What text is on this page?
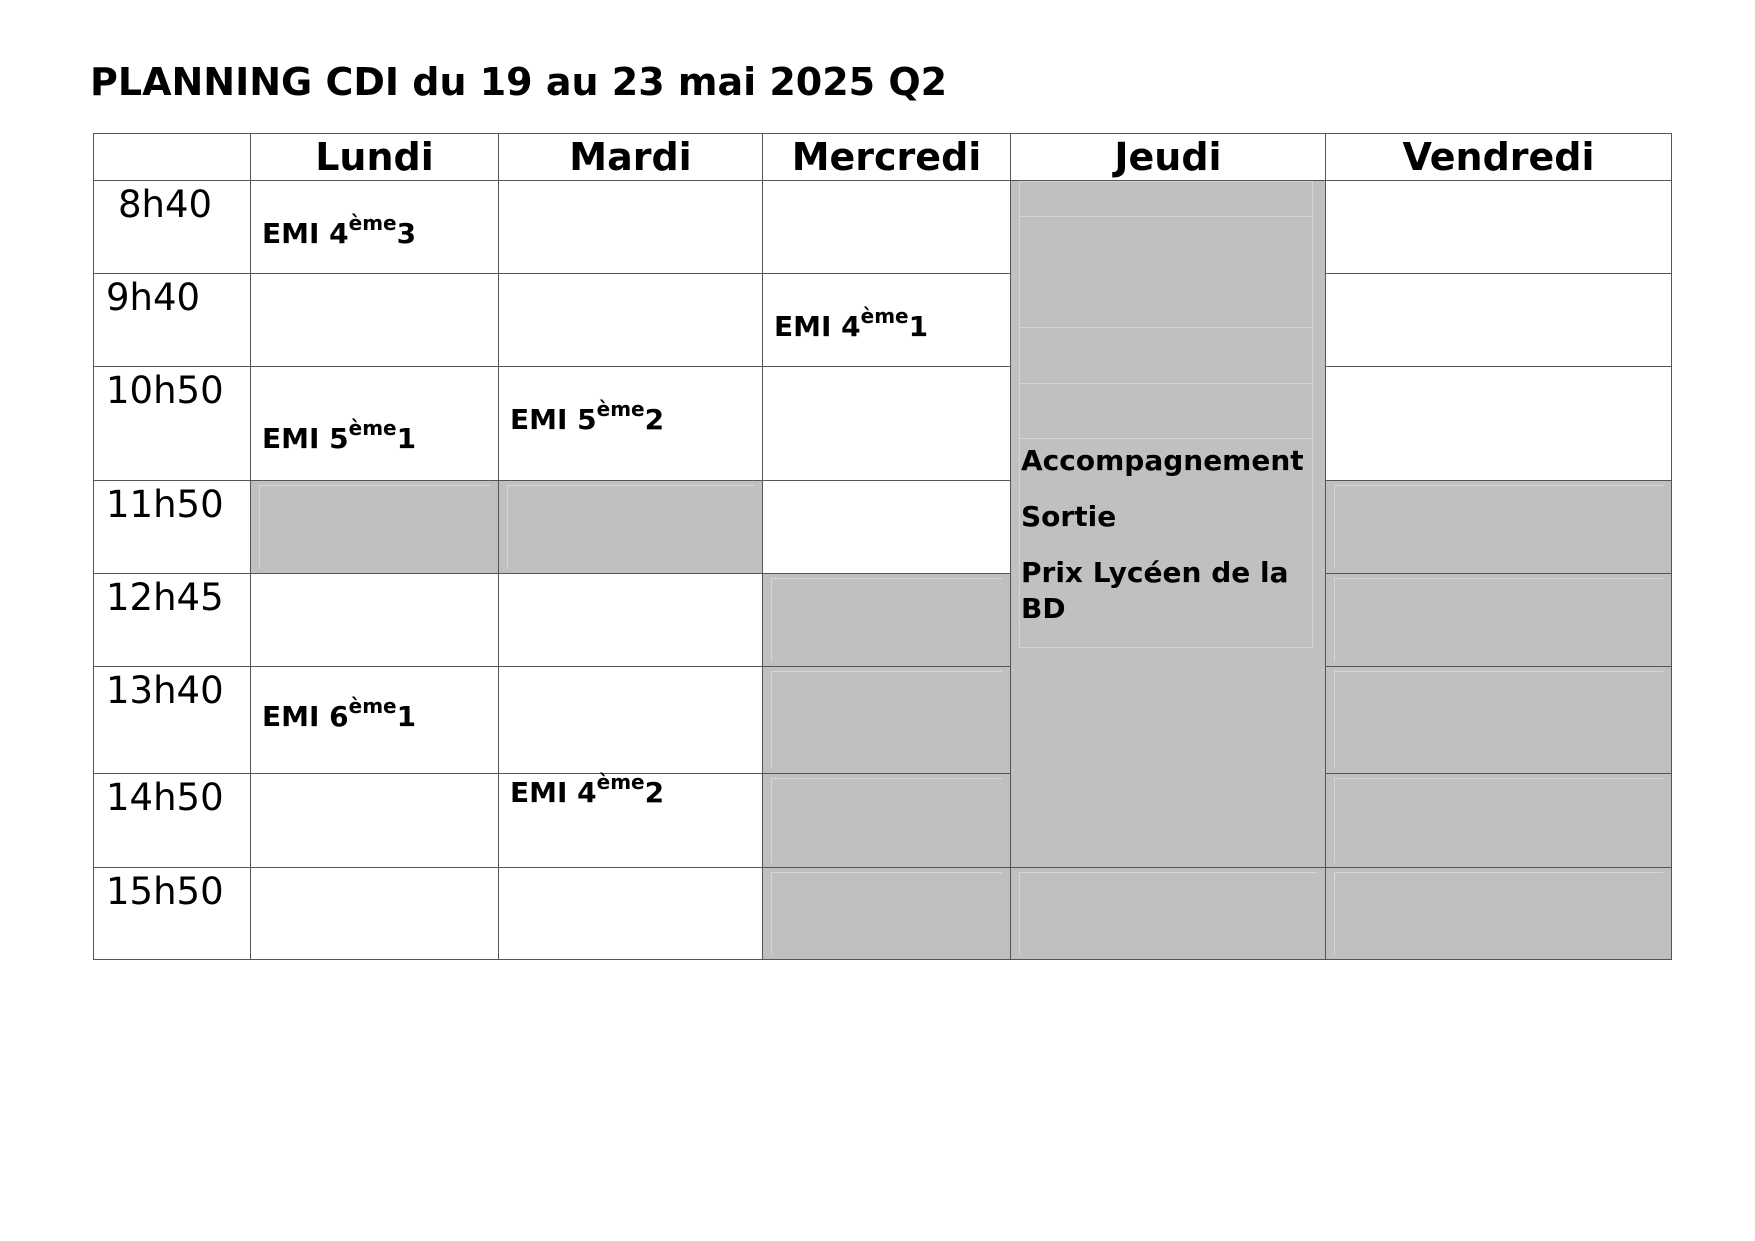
PLANNING CDI du 19 au 23 mai 2025 Q2
	Lundi	Mardi	Mercredi	Jeudi	Vendredi

8h40	EMI 4ème3			Accompagnement
Sortie
Prix Lycéen de la BD	

9h40			EMI 4ème1		

10h50	EMI 5ème1	EMI 5ème2			

11h50					

12h45					

13h40	EMI 6ème1				

14h50		EMI 4ème2			

15h50					
